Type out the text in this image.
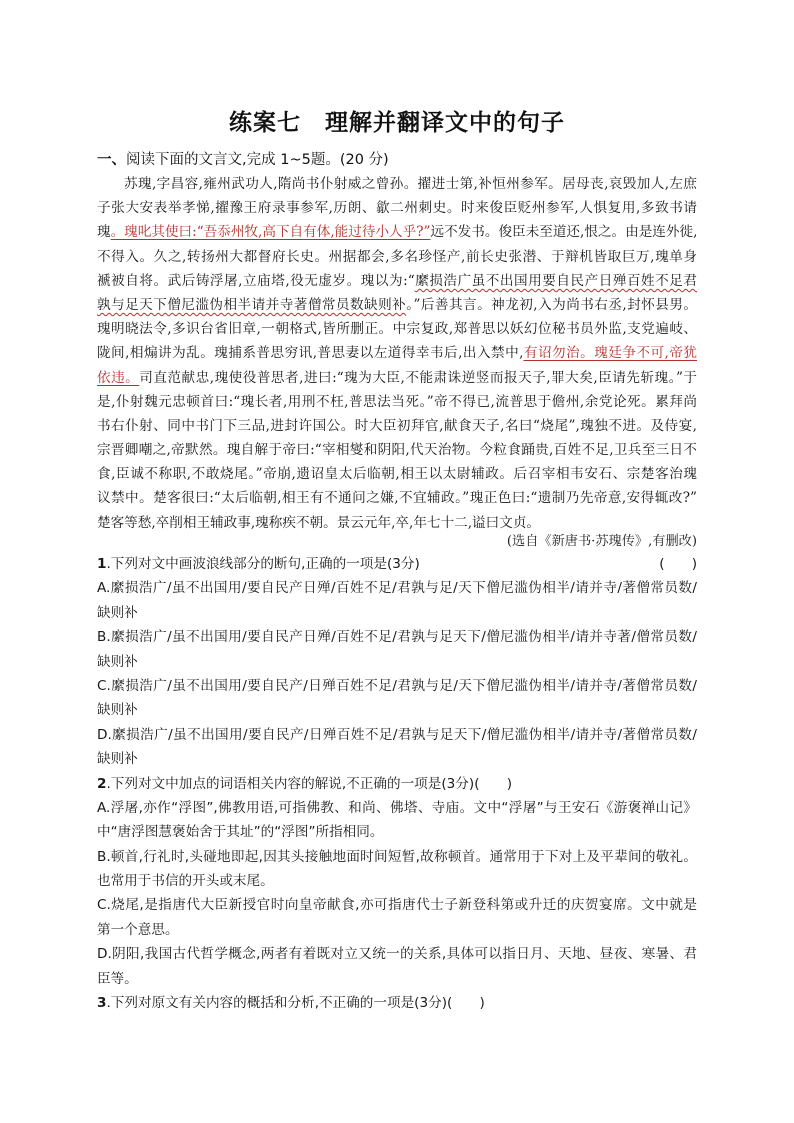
练案七　理解并翻译文中的句子
一、阅读下面的文言文,完成 1~5题。(20 分)
苏瑰,字昌容,雍州武功人,隋尚书仆射威之曾孙。擢进士第,补恒州参军。居母丧,哀毁加人,左庶
子张大安表举孝悌,擢豫王府录事参军,历朗、歙二州刺史。时来俊臣贬州参军,人惧复用,多致书请
瑰。瑰叱其使曰:“吾忝州牧,高下自有体,能过待小人乎?”远不发书。俊臣未至道还,恨之。由是连外徙,
不得入。久之,转扬州大都督府长史。州据都会,多名珍怪产,前长史张潜、于辩机皆取巨万,瑰单身
褫被自将。武后铸浮屠,立庙塔,役无虚岁。瑰以为:“縻损浩广虽不出国用要自民产日殚百姓不足君
孰与足天下僧尼滥伪相半请并寺著僧常员数缺则补。”后善其言。神龙初,入为尚书右丞,封怀县男。
瑰明晓法令,多识台省旧章,一朝格式,皆所删正。中宗复政,郑普思以妖幻位秘书员外监,支党遍岐、
陇间,相煽讲为乱。瑰捕系普思穷讯,普思妻以左道得幸韦后,出入禁中,有诏勿治。瑰廷争不可,帝犹
依违。司直范献忠,瑰使役普思者,进曰:“瑰为大臣,不能肃诛逆竖而报天子,罪大矣,臣请先斩瑰。”于
是,仆射魏元忠顿首曰:“瑰长者,用刑不枉,普思法当死。”帝不得已,流普思于儋州,余党论死。累拜尚
书右仆射、同中书门下三品,进封许国公。时大臣初拜官,献食天子,名曰“烧尾”,瑰独不进。及侍宴,
宗晋卿嘲之,帝默然。瑰自解于帝曰:“宰相燮和阴阳,代天治物。今粒食踊贵,百姓不足,卫兵至三日不
食,臣诚不称职,不敢烧尾。”帝崩,遗诏皇太后临朝,相王以太尉辅政。后召宰相韦安石、宗楚客治瑰
议禁中。楚客很曰:“太后临朝,相王有不通问之嫌,不宜辅政。”瑰正色曰:“遗制乃先帝意,安得辄改?”
楚客等愁,卒削相王辅政事,瑰称疾不朝。景云元年,卒,年七十二,谥曰文贞。
(选自《新唐书·苏瑰传》,有删改)
1.下列对文中画波浪线部分的断句,正确的一项是(3分)	(　　)
A.縻损浩广/虽不出国用/要自民产日殚/百姓不足/君孰与足/天下僧尼滥伪相半/请并寺/著僧常员数/
缺则补
B.縻损浩广/虽不出国用/要自民产日殚/百姓不足/君孰与足天下/僧尼滥伪相半/请并寺著/僧常员数/
缺则补
C.縻损浩广/虽不出国用/要自民产/日殚百姓不足/君孰与足/天下僧尼滥伪相半/请并寺/著僧常员数/
缺则补
D.縻损浩广/虽不出国用/要自民产/日殚百姓不足/君孰与足天下/僧尼滥伪相半/请并寺/著僧常员数/
缺则补
2.下列对文中加点的词语相关内容的解说,不正确的一项是(3分)(　　)
A.浮屠,亦作“浮图”,佛教用语,可指佛教、和尚、佛塔、寺庙。文中“浮屠”与王安石《游褒禅山记》
中“唐浮图慧褒始舍于其址”的“浮图”所指相同。
B.顿首,行礼时,头碰地即起,因其头接触地面时间短暂,故称顿首。通常用于下对上及平辈间的敬礼。
也常用于书信的开头或末尾。
C.烧尾,是指唐代大臣新授官时向皇帝献食,亦可指唐代士子新登科第或升迁的庆贺宴席。文中就是
第一个意思。
D.阴阳,我国古代哲学概念,两者有着既对立又统一的关系,具体可以指日月、天地、昼夜、寒暑、君
臣等。
3.下列对原文有关内容的概括和分析,不正确的一项是(3分)(　　)
